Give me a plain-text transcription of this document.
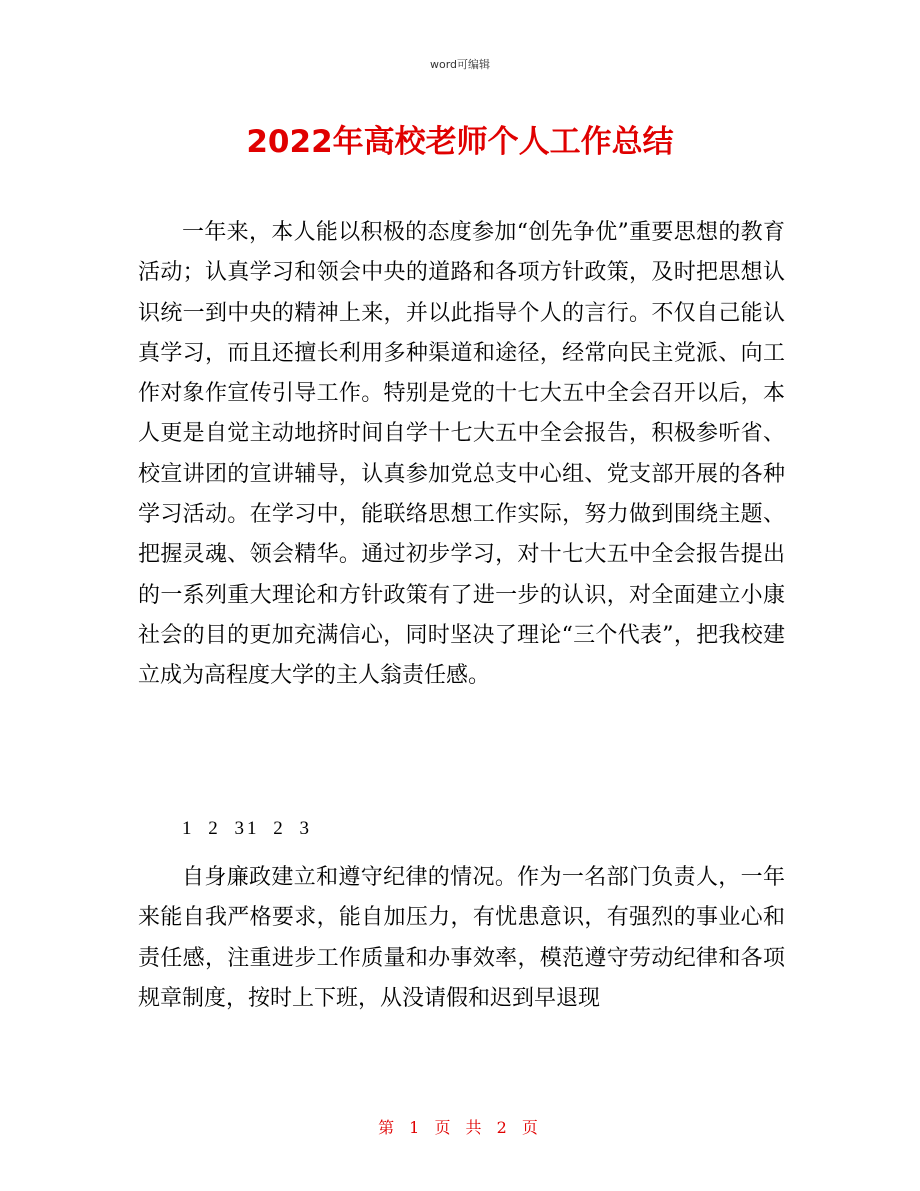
word可编辑
2022年高校老师个人工作总结
一年来，本人能以积极的态度参加“创先争优”重要思想的教育活动；认真学习和领会中央的道路和各项方针政策，及时把思想认识统一到中央的精神上来，并以此指导个人的言行。不仅自己能认真学习，而且还擅长利用多种渠道和途径，经常向民主党派、向工作对象作宣传引导工作。特别是党的十七大五中全会召开以后，本人更是自觉主动地挤时间自学十七大五中全会报告，积极参听省、校宣讲团的宣讲辅导，认真参加党总支中心组、党支部开展的各种学习活动。在学习中，能联络思想工作实际，努力做到围绕主题、把握灵魂、领会精华。通过初步学习，对十七大五中全会报告提出的一系列重大理论和方针政策有了进一步的认识，对全面建立小康社会的目的更加充满信心，同时坚决了理论“三个代表”，把我校建立成为高程度大学的主人翁责任感。
1 2 31 2 3
自身廉政建立和遵守纪律的情况。作为一名部门负责人，一年来能自我严格要求，能自加压力，有忧患意识，有强烈的事业心和责任感，注重进步工作质量和办事效率，模范遵守劳动纪律和各项规章制度，按时上下班，从没请假和迟到早退现
第 1 页 共 2 页
